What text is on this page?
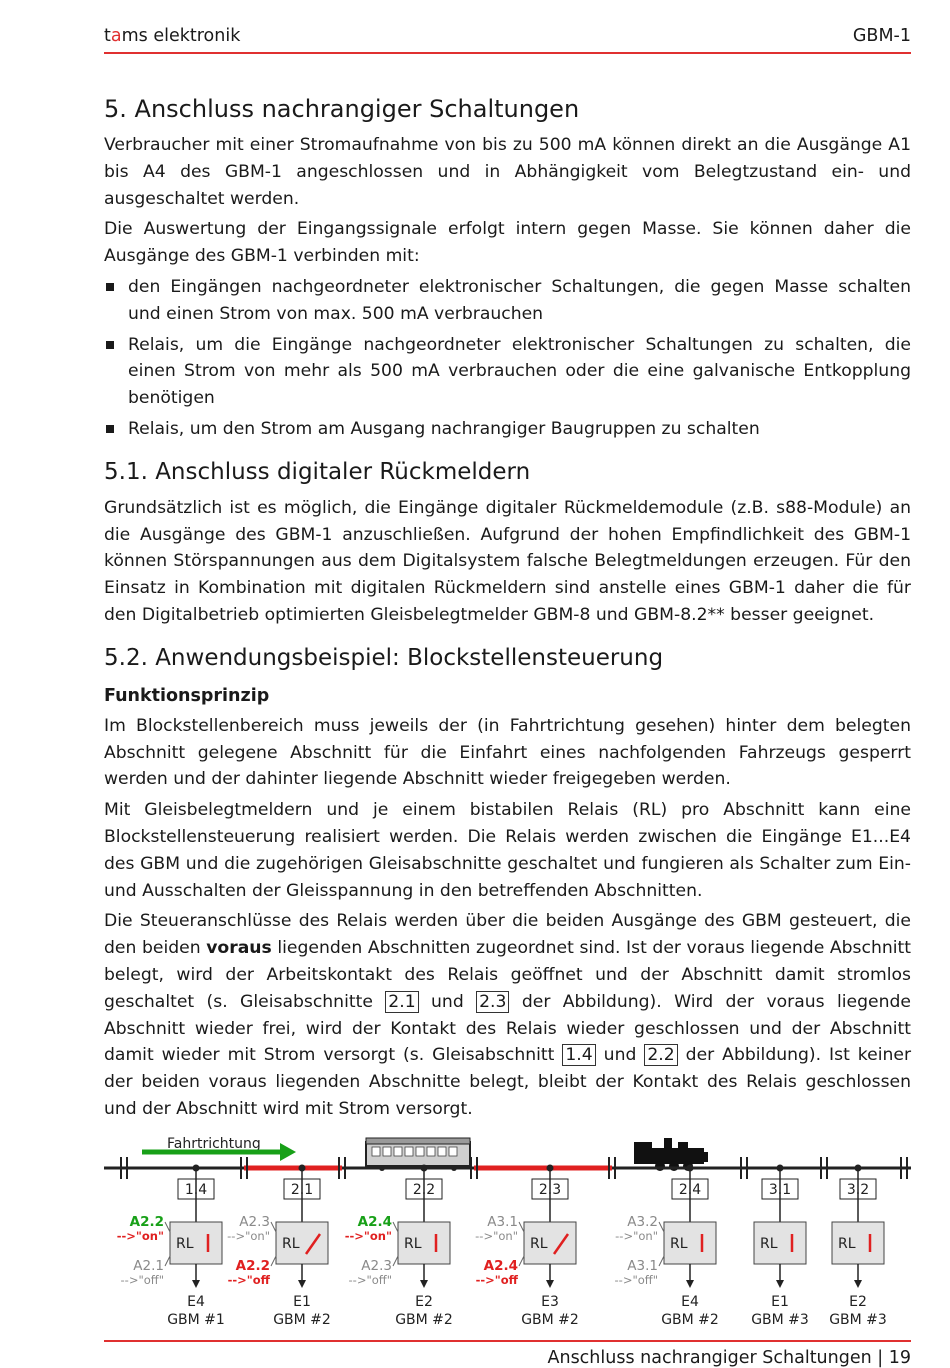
tams elektronik	GBM-1
5. Anschluss nachrangiger Schaltungen

Verbraucher mit einer Stromaufnahme von bis zu 500 mA können direkt an die Ausgänge A1 bis A4 des GBM-1 angeschlossen und in Abhängigkeit vom Belegtzustand ein- und ausgeschaltet werden.

Die Auswertung der Eingangssignale erfolgt intern gegen Masse. Sie können daher die Ausgänge des GBM-1 verbinden mit:

den Eingängen nachgeordneter elektronischer Schaltungen, die gegen Masse schalten und einen Strom von max. 500 mA verbrauchen
Relais, um die Eingänge nachgeordneter elektronischer Schaltungen zu schalten, die einen Strom von mehr als 500 mA verbrauchen oder die eine galvanische Entkopplung benötigen
Relais, um den Strom am Ausgang nachrangiger Baugruppen zu schalten
5.1. Anschluss digitaler Rückmeldern

Grundsätzlich ist es möglich, die Eingänge digitaler Rückmeldemodule (z.B. s88-Module) an die Ausgänge des GBM-1 anzuschließen. Aufgrund der hohen Empfindlichkeit des GBM-1 können Störspannungen aus dem Digitalsystem falsche Belegtmeldungen erzeugen. Für den Einsatz in Kombination mit digitalen Rückmeldern sind anstelle eines GBM-1 daher die für den Digitalbetrieb optimierten Gleisbelegtmelder GBM-8 und GBM-8.2** besser geeignet.

5.2. Anwendungsbeispiel: Blockstellensteuerung
Funktionsprinzip

Im Blockstellenbereich muss jeweils der (in Fahrtrichtung gesehen) hinter dem belegten Abschnitt gelegene Abschnitt für die Einfahrt eines nachfolgenden Fahrzeugs gesperrt werden und der dahinter liegende Abschnitt wieder freigegeben werden.

Mit Gleisbelegtmeldern und je einem bistabilen Relais (RL) pro Abschnitt kann eine Blockstellensteuerung realisiert werden. Die Relais werden zwischen die Eingänge E1...E4 des GBM und die zugehörigen Gleisabschnitte geschaltet und fungieren als Schalter zum Ein- und Ausschalten der Gleisspannung in den betreffenden Abschnitten.

Die Steueranschlüsse des Relais werden über die beiden Ausgänge des GBM gesteuert, die den beiden voraus liegenden Abschnitten zugeordnet sind. Ist der voraus liegende Abschnitt belegt, wird der Arbeitskontakt des Relais geöffnet und der Abschnitt damit stromlos geschaltet (s. Gleisabschnitte 2.1 und 2.3 der Abbildung). Wird der voraus liegende Abschnitt wieder frei, wird der Kontakt des Relais wieder geschlossen und der Abschnitt damit wieder mit Strom versorgt (s. Gleisabschnitt 1.4 und 2.2 der Abbildung). Ist keiner der beiden voraus liegenden Abschnitte belegt, bleibt der Kontakt des Relais geschlossen und der Abschnitt wird mit Strom versorgt.

Fahrtrichtung
1.4
RL
E4
GBM #1
A2.2
-->"on"
A2.1
-->"off"
2.1
RL
E1
GBM #2
A2.3
-->"on"
A2.2
-->"off
2.2
RL
E2
GBM #2
A2.4
-->"on"
A2.3
-->"off"
2.3
RL
E3
GBM #2
A3.1
-->"on"
A2.4
-->"off
2.4
RL
E4
GBM #2
A3.2
-->"on"
A3.1
-->"off"
3.1
RL
E1
GBM #3
3.2
RL
E2
GBM #3
Anschluss nachrangiger Schaltungen | 19
